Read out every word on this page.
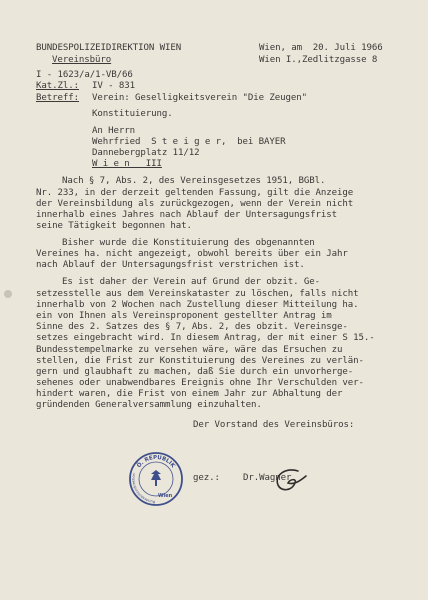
BUNDESPOLIZEIDIREKTION WIEN
Vereinsbüro
Wien, am  20. Juli 1966
Wien I.,Zedlitzgasse 8
I - 1623/a/1-VB/66
Kat.Zl.: IV - 831
Betreff: Verein: Geselligkeitsverein "Die Zeugen"
Konstituierung.
An Herrn
Wehrfried  S t e i g e r,  bei BAYER
Dannebergplatz 11/12
W i e n   III
Nach § 7, Abs. 2, des Vereinsgesetzes 1951, BGBl.
Nr. 233, in der derzeit geltenden Fassung, gilt die Anzeige
der Vereinsbildung als zurückgezogen, wenn der Verein nicht
innerhalb eines Jahres nach Ablauf der Untersagungsfrist
seine Tätigkeit begonnen hat.
Bisher wurde die Konstituierung des obgenannten
Vereines ha. nicht angezeigt, obwohl bereits über ein Jahr
nach Ablauf der Untersagungsfrist verstrichen ist.
Es ist daher der Verein auf Grund der obzit. Ge-
setzesstelle aus dem Vereinskataster zu löschen, falls nicht
innerhalb von 2 Wochen nach Zustellung dieser Mitteilung ha.
ein von Ihnen als Vereinsproponent gestellter Antrag im
Sinne des 2. Satzes des § 7, Abs. 2, des obzit. Vereinsge-
setzes eingebracht wird. In diesem Antrag, der mit einer S 15.-
Bundesstempelmarke zu versehen wäre, wäre das Ersuchen zu
stellen, die Frist zur Konstituierung des Vereines zu verlän-
gern und glaubhaft zu machen, daß Sie durch ein unvorherge-
sehenes oder unabwendbares Ereignis ohne Ihr Verschulden ver-
hindert waren, die Frist von einem Jahr zur Abhaltung der
gründenden Generalversammlung einzuhalten.
Der Vorstand des Vereinsbüros:
gez.:	Dr.Wagner
Ö. REPUBLIK
Bundespolizeidirektion
Wien
